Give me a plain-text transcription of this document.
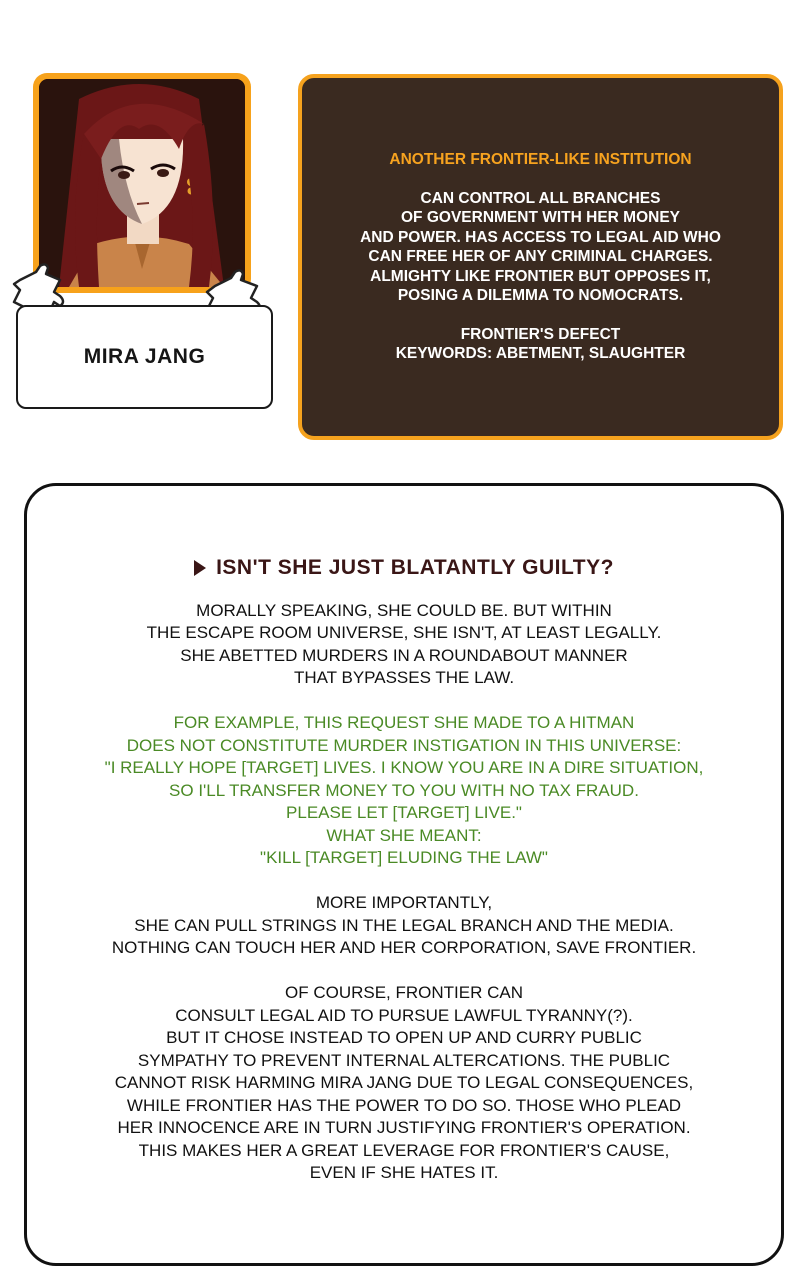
MIRA JANG
ANOTHER FRONTIER-LIKE INSTITUTION
CAN CONTROL ALL BRANCHES
OF GOVERNMENT WITH HER MONEY
AND POWER. HAS ACCESS TO LEGAL AID WHO
CAN FREE HER OF ANY CRIMINAL CHARGES.
ALMIGHTY LIKE FRONTIER BUT OPPOSES IT,
POSING A DILEMMA TO NOMOCRATS.
FRONTIER'S DEFECT
KEYWORDS: ABETMENT, SLAUGHTER
ISN'T SHE JUST BLATANTLY GUILTY?
MORALLY SPEAKING, SHE COULD BE. BUT WITHIN
THE ESCAPE ROOM UNIVERSE, SHE ISN'T, AT LEAST LEGALLY.
SHE ABETTED MURDERS IN A ROUNDABOUT MANNER
THAT BYPASSES THE LAW.
FOR EXAMPLE, THIS REQUEST SHE MADE TO A HITMAN
DOES NOT CONSTITUTE MURDER INSTIGATION IN THIS UNIVERSE:
"I REALLY HOPE [TARGET] LIVES. I KNOW YOU ARE IN A DIRE SITUATION,
SO I'LL TRANSFER MONEY TO YOU WITH NO TAX FRAUD.
PLEASE LET [TARGET] LIVE."
WHAT SHE MEANT:
"KILL [TARGET] ELUDING THE LAW"
MORE IMPORTANTLY,
SHE CAN PULL STRINGS IN THE LEGAL BRANCH AND THE MEDIA.
NOTHING CAN TOUCH HER AND HER CORPORATION, SAVE FRONTIER.
OF COURSE, FRONTIER CAN
CONSULT LEGAL AID TO PURSUE LAWFUL TYRANNY(?).
BUT IT CHOSE INSTEAD TO OPEN UP AND CURRY PUBLIC
SYMPATHY TO PREVENT INTERNAL ALTERCATIONS. THE PUBLIC
CANNOT RISK HARMING MIRA JANG DUE TO LEGAL CONSEQUENCES,
WHILE FRONTIER HAS THE POWER TO DO SO. THOSE WHO PLEAD
HER INNOCENCE ARE IN TURN JUSTIFYING FRONTIER'S OPERATION.
THIS MAKES HER A GREAT LEVERAGE FOR FRONTIER'S CAUSE,
EVEN IF SHE HATES IT.
